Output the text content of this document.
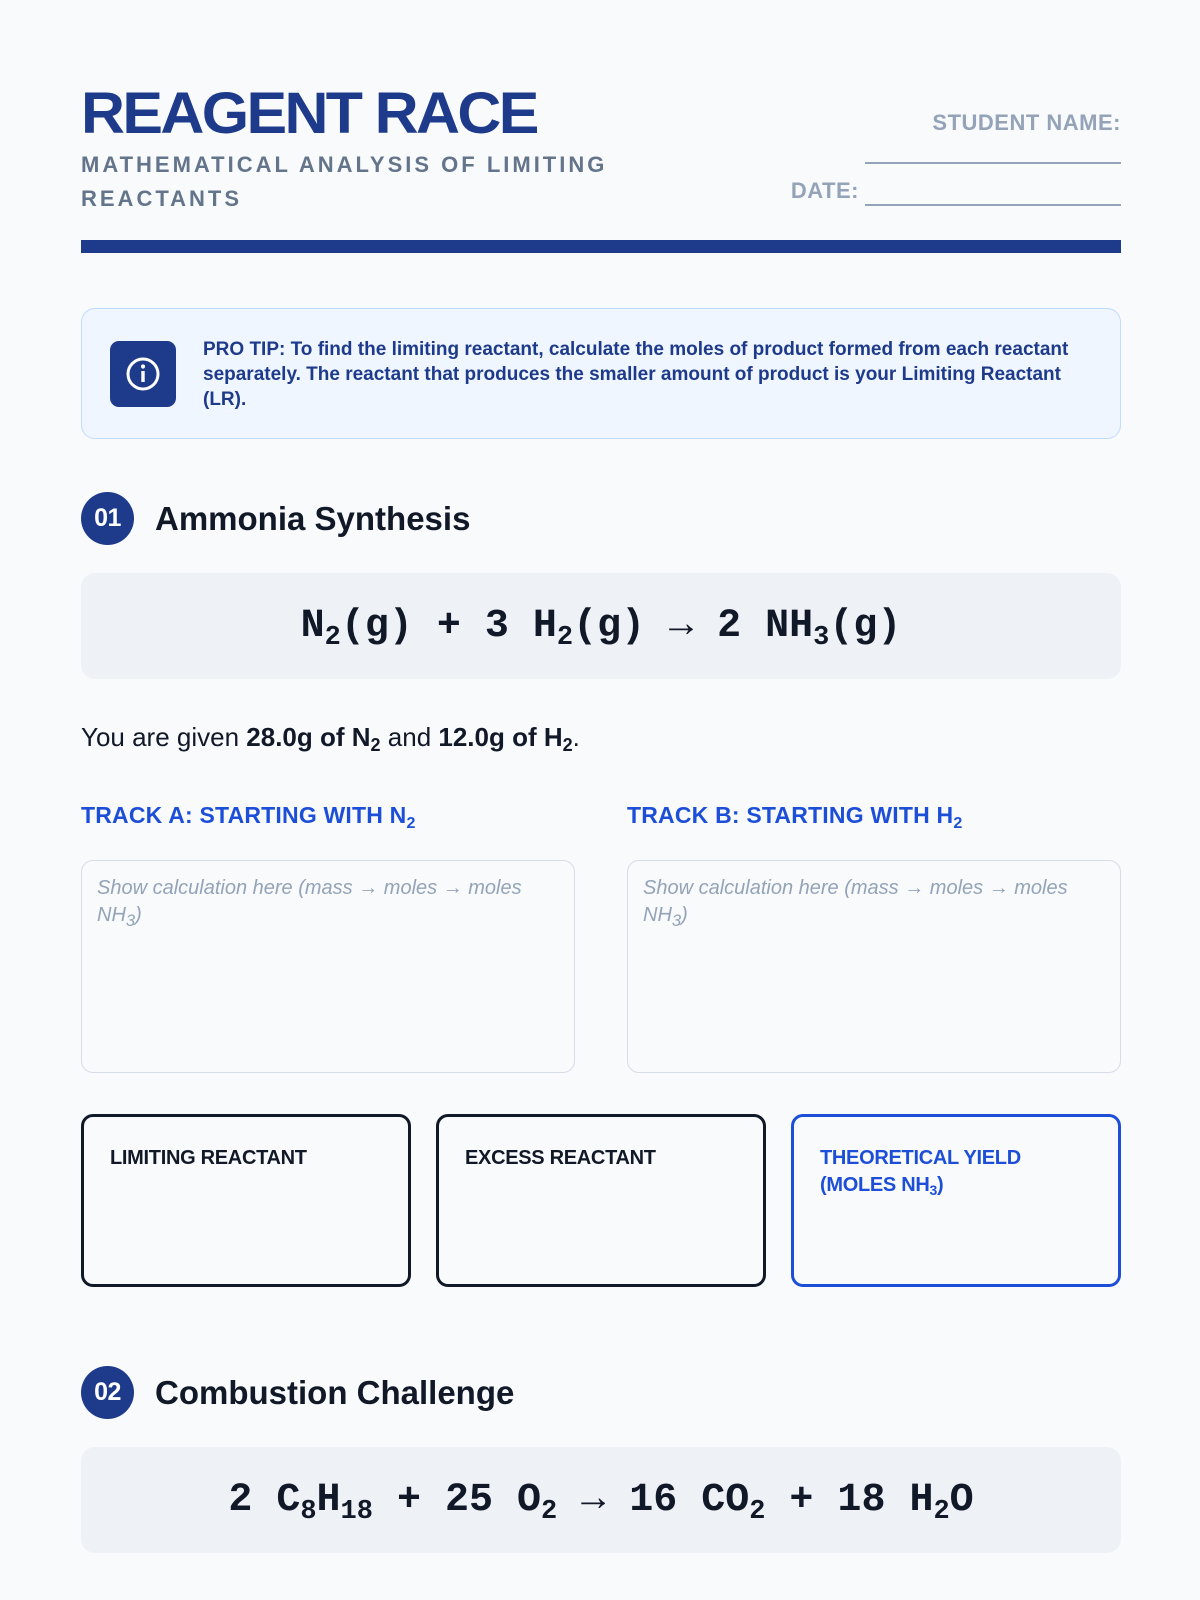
REAGENT RACE
MATHEMATICAL ANALYSIS OF LIMITING REACTANTS
STUDENT NAME:
DATE:
PRO TIP: To find the limiting reactant, calculate the moles of product formed from each reactant separately. The reactant that produces the smaller amount of product is your Limiting Reactant (LR).
01	Ammonia Synthesis
$N_2(g) + 3$ $H_2(g) \to 2$ $NH_3(g)$
You are given 28.0g of $N_2$ and 12.0g of $H_2$.
TRACK A: STARTING WITH $N_2$	TRACK B: STARTING WITH $H_2$
Show calculation here (mass → moles → moles $NH_3$)
Show calculation here (mass → moles → moles $NH_3$)
LIMITING REACTANT	EXCESS REACTANT	THEORETICAL YIELD (MOLES $NH_3$)
02	Combustion Challenge
2 $C_8H_{18} + 25$ $O_2 \to 16$ $CO_2 + 18$ $H_2O$
